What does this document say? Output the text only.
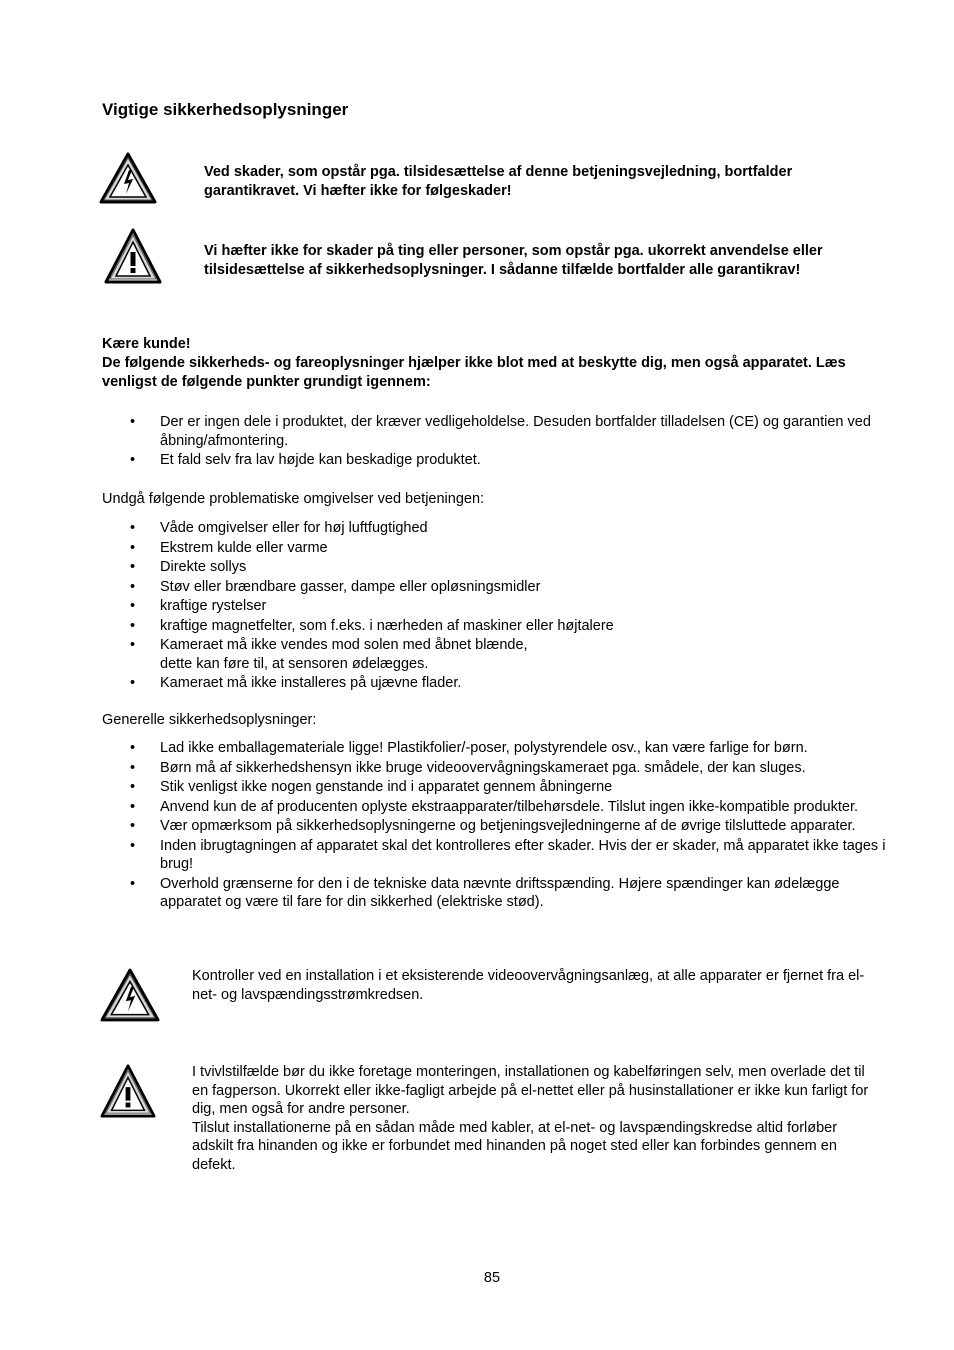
Vigtige sikkerhedsoplysninger
Ved skader, som opstår pga. tilsidesættelse af denne betjeningsvejledning, bortfalder garantikravet. Vi hæfter ikke for følgeskader!
Vi hæfter ikke for skader på ting eller personer, som opstår pga. ukorrekt anvendelse eller tilsidesættelse af sikkerhedsoplysninger. I sådanne tilfælde bortfalder alle garantikrav!
Kære kunde!
De følgende sikkerheds- og fareoplysninger hjælper ikke blot med at beskytte dig, men også apparatet. Læs venligst de følgende punkter grundigt igennem:
• Der er ingen dele i produktet, der kræver vedligeholdelse. Desuden bortfalder tilladelsen (CE) og garantien ved åbning/afmontering.
• Et fald selv fra lav højde kan beskadige produktet.
Undgå følgende problematiske omgivelser ved betjeningen:
• Våde omgivelser eller for høj luftfugtighed
• Ekstrem kulde eller varme
• Direkte sollys
• Støv eller brændbare gasser, dampe eller opløsningsmidler
• kraftige rystelser
• kraftige magnetfelter, som f.eks. i nærheden af maskiner eller højtalere
• Kameraet må ikke vendes mod solen med åbnet blænde,
dette kan føre til, at sensoren ødelægges.
• Kameraet må ikke installeres på ujævne flader.
Generelle sikkerhedsoplysninger:
• Lad ikke emballagemateriale ligge! Plastikfolier/-poser, polystyrendele osv., kan være farlige for børn.
• Børn må af sikkerhedshensyn ikke bruge videoovervågningskameraet pga. smådele, der kan sluges.
• Stik venligst ikke nogen genstande ind i apparatet gennem åbningerne
• Anvend kun de af producenten oplyste ekstraapparater/tilbehørsdele. Tilslut ingen ikke-kompatible produkter.
• Vær opmærksom på sikkerhedsoplysningerne og betjeningsvejledningerne af de øvrige tilsluttede apparater.
• Inden ibrugtagningen af apparatet skal det kontrolleres efter skader. Hvis der er skader, må apparatet ikke tages i brug!
• Overhold grænserne for den i de tekniske data nævnte driftsspænding. Højere spændinger kan ødelægge apparatet og være til fare for din sikkerhed (elektriske stød).
Kontroller ved en installation i et eksisterende videoovervågningsanlæg, at alle apparater er fjernet fra el-net- og lavspændingsstrømkredsen.
I tvivlstilfælde bør du ikke foretage monteringen, installationen og kabelføringen selv, men overlade det til en fagperson. Ukorrekt eller ikke-fagligt arbejde på el-nettet eller på husinstallationer er ikke kun farligt for dig, men også for andre personer.
Tilslut installationerne på en sådan måde med kabler, at el-net- og lavspændingskredse altid forløber adskilt fra hinanden og ikke er forbundet med hinanden på noget sted eller kan forbindes gennem en defekt.
85
